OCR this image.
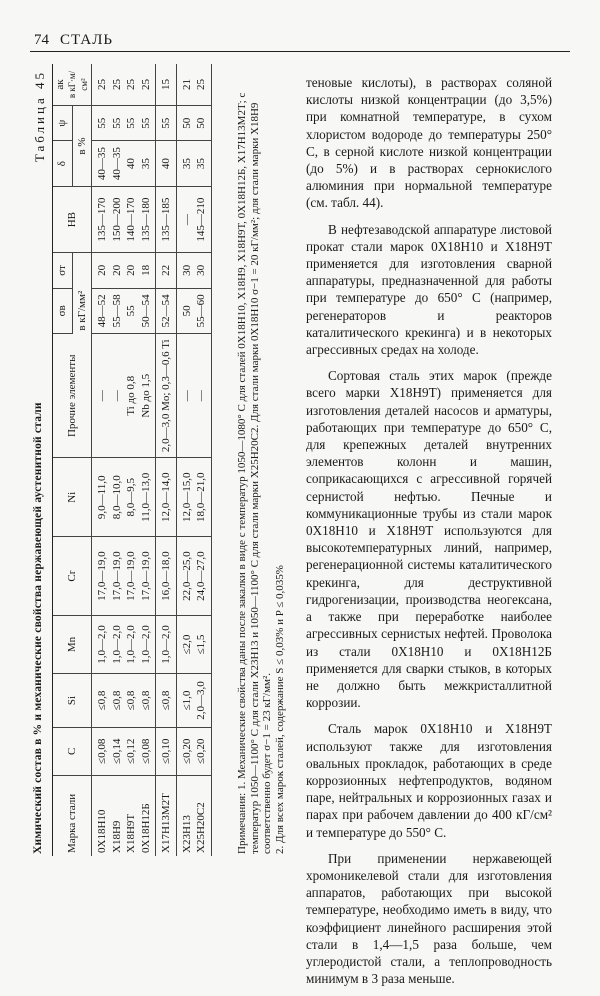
74 СТАЛЬ
Химический состав в % и механические свойства нержавеющей аустенитной стали
Таблица 45
Марка стали	C	Si	Mn	Cr	Ni	Прочие элементы	σв	σт	HB	δ	ψ	ак в кГ·м/см²

							в кГ/мм²			в %		
0Х18Н10	≤0,08	≤0,8	1,0—2,0	17,0—19,0	9,0—11,0	—	48—52	20	135—170	40—35	55	25
Х18Н9	≤0,14	≤0,8	1,0—2,0	17,0—19,0	8,0—10,0	—	55—58	20	150—200	40—35	55	25
Х18Н9Т	≤0,12	≤0,8	1,0—2,0	17,0—19,0	8,0—9,5	Ti до 0,8	55	20	140—170	40	55	25
0Х18Н12Б	≤0,08	≤0,8	1,0—2,0	17,0—19,0	11,0—13,0	Nb до 1,5	50—54	18	135—180	35	55	25
Х17Н13М2Т	≤0,10	≤0,8	1,0—2,0	16,0—18,0	12,0—14,0	2,0—3,0 Mo; 0,3—0,6 Ti	52—54	22	135—185	40	55	15
Х23Н13	≤0,20	≤1,0	≤2,0	22,0—25,0	12,0—15,0	—	50	30	—	35	50	21
Х25Н20С2	≤0,20	2,0—3,0	≤1,5	24,0—27,0	18,0—21,0	—	55—60	30	145—210	35	50	25
Примечания: 1. Механические свойства даны после закалки в виде с температур 1050—1080° С для сталей 0Х18Н10, Х18Н9, Х18Н9Т, 0Х18Н12Б, Х17Н13М2Т; с температур 1050—1100° С для стали Х23Н13 и 1050—1100° С для стали марки Х25Н20С2. Для стали марки 0Х18Н10 σ−1 = 20 кГ/мм²; для стали марки Х18Н9 соответственно будет σ−1 = 23 кГ/мм². 2. Для всех марок сталей, содержание S ≤ 0,03% и P ≤ 0,035%

теновые кислоты), в растворах соляной кислоты низкой концентрации (до 3,5%) при комнатной температуре, в сухом хлористом водороде до температуры 250° С, в серной кислоте низкой концентрации (до 5%) и в растворах сернокислого алюминия при нормальной температуре (см. табл. 44).

В нефтезаводской аппаратуре листовой прокат стали марок 0Х18Н10 и Х18Н9Т применяется для изготовления сварной аппаратуры, предназначенной для работы при температуре до 650° С (например, регенераторов и реакторов каталитического крекинга) и в некоторых агрессивных средах на холоде.

Сортовая сталь этих марок (прежде всего марки Х18Н9Т) применяется для изготовления деталей насосов и арматуры, работающих при температуре до 650° С, для крепежных деталей внутренних элементов колонн и машин, соприкасающихся с агрессивной горячей сернистой нефтью. Печные и коммуникационные трубы из стали марок 0Х18Н10 и Х18Н9Т используются для высокотемпературных линий, например, регенерационной системы каталитического крекинга, для деструктивной гидрогенизации, производства неогексана, а также при переработке наиболее агрессивных сернистых нефтей. Проволока из стали 0Х18Н10 и 0Х18Н12Б применяется для сварки стыков, в которых не должно быть межкристаллитной коррозии.

Сталь марок 0Х18Н10 и Х18Н9Т используют также для изготовления овальных прокладок, работающих в среде коррозионных нефтепродуктов, водяном паре, нейтральных и коррозионных газах и парах при рабочем давлении до 400 кГ/см² и температуре до 550° С.

При применении нержавеющей хромоникелевой стали для изготовления аппаратов, работающих при высокой температуре, необходимо иметь в виду, что коэффициент линейного расширения этой стали в 1,4—1,5 раза больше, чем углеродистой стали, а теплопроводность минимум в 3 раза меньше.
